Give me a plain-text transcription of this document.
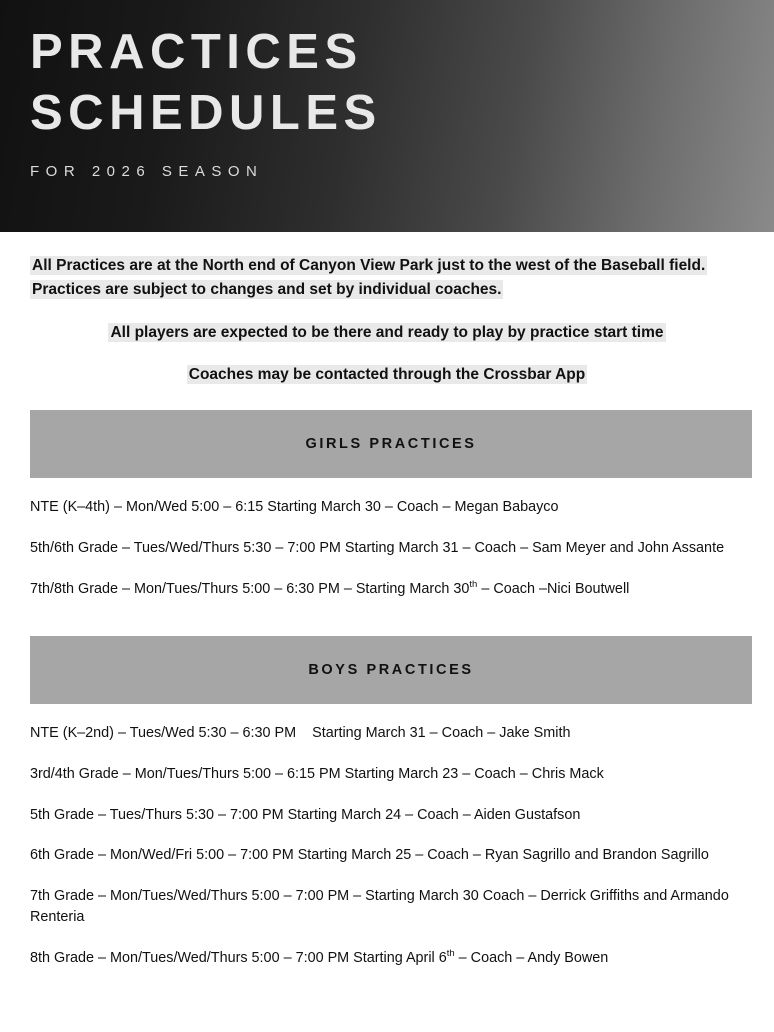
PRACTICES
SCHEDULES
FOR 2026 SEASON

All Practices are at the North end of Canyon View Park just to the west of the Baseball field. Practices are subject to changes and set by individual coaches.

All players are expected to be there and ready to play by practice start time

Coaches may be contacted through the Crossbar App

GIRLS PRACTICES
NTE (K–4th) – Mon/Wed 5:00 – 6:15 Starting March 30 – Coach – Megan Babayco
5th/6th Grade – Tues/Wed/Thurs 5:30 – 7:00 PM Starting March 31 – Coach – Sam Meyer and John Assante
7th/8th Grade – Mon/Tues/Thurs 5:00 – 6:30 PM – Starting March 30th – Coach –Nici Boutwell
BOYS PRACTICES
NTE (K–2nd) – Tues/Wed 5:30 – 6:30 PM    Starting March 31 – Coach – Jake Smith
3rd/4th Grade – Mon/Tues/Thurs 5:00 – 6:15 PM Starting March 23 – Coach – Chris Mack
5th Grade – Tues/Thurs 5:30 – 7:00 PM Starting March 24 – Coach – Aiden Gustafson
6th Grade – Mon/Wed/Fri 5:00 – 7:00 PM Starting March 25 – Coach – Ryan Sagrillo and Brandon Sagrillo
7th Grade – Mon/Tues/Wed/Thurs 5:00 – 7:00 PM – Starting March 30 Coach – Derrick Griffiths and Armando Renteria
8th Grade – Mon/Tues/Wed/Thurs 5:00 – 7:00 PM Starting April 6th – Coach – Andy Bowen
